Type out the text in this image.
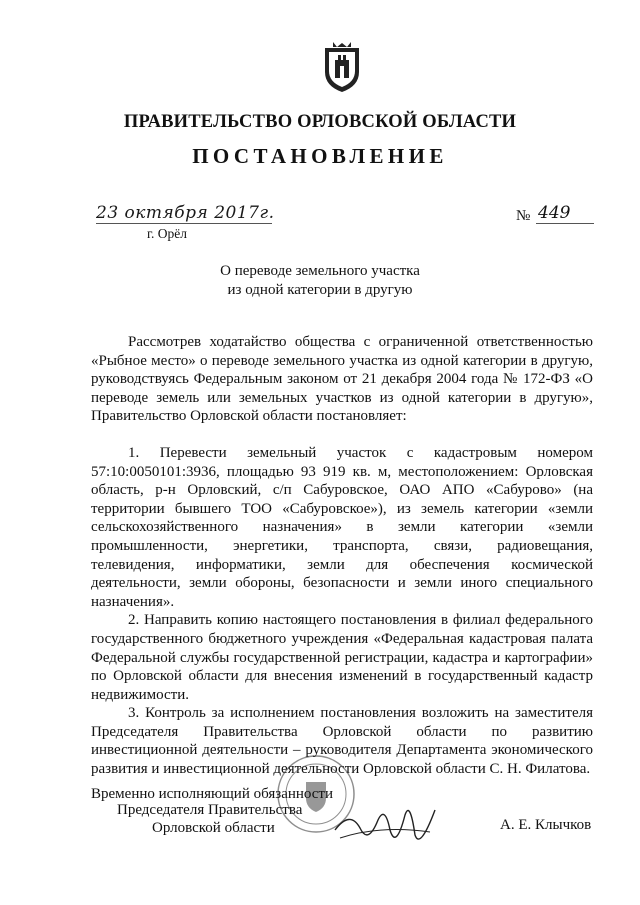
ПРАВИТЕЛЬСТВО ОРЛОВСКОЙ ОБЛАСТИ
ПОСТАНОВЛЕНИЕ
23 октября 2017г.
г. Орёл
№ 449
О переводе земельного участка
из одной категории в другую

Рассмотрев ходатайство общества с ограниченной ответственностью «Рыбное место» о переводе земельного участка из одной категории в другую, руководствуясь Федеральным законом от 21 декабря 2004 года № 172-ФЗ «О переводе земель или земельных участков из одной категории в другую», Правительство Орловской области постановляет:

1. Перевести земельный участок с кадастровым номером 57:10:0050101:3936, площадью 93 919 кв. м, местоположением: Орловская область, р-н Орловский, с/п Сабуровское, ОАО АПО «Сабурово» (на территории бывшего ТОО «Сабуровское»), из земель категории «земли сельскохозяйственного назначения» в земли категории «земли промышленности, энергетики, транспорта, связи, радиовещания, телевидения, информатики, земли для обеспечения космической деятельности, земли обороны, безопасности и земли иного специального назначения».

2. Направить копию настоящего постановления в филиал федерального государственного бюджетного учреждения «Федеральная кадастровая палата Федеральной службы государственной регистрации, кадастра и картографии» по Орловской области для внесения изменений в государственный кадастр недвижимости.

3. Контроль за исполнением постановления возложить на заместителя Председателя Правительства Орловской области по развитию инвестиционной деятельности – руководителя Департамента экономического развития и инвестиционной деятельности Орловской области С. Н. Филатова.

Временно исполняющий обязанности
Председателя Правительства
Орловской области	А. Е. Клычков
